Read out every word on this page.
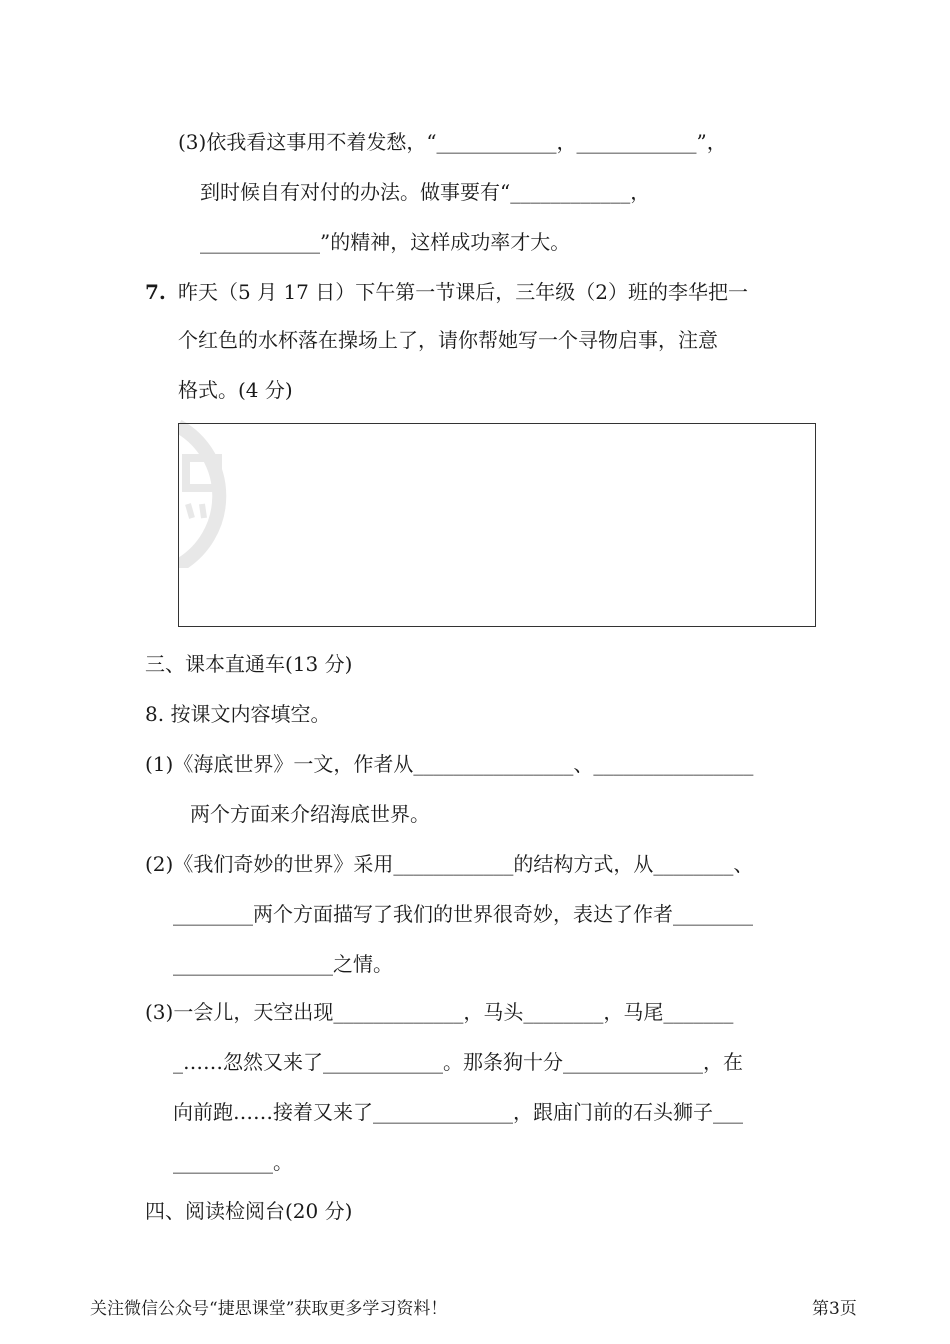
(3)依我看这事用不着发愁，“____________，____________”，
到时候自有对付的办法。做事要有“____________，
____________”的精神，这样成功率才大。
7. 昨天（5 月 17 日）下午第一节课后，三年级（2）班的李华把一
个红色的水杯落在操场上了，请你帮她写一个寻物启事，注意
格式。(4 分)
三、课本直通车(13 分)
8. 按课文内容填空。
(1)《海底世界》一文，作者从________________、________________
两个方面来介绍海底世界。
(2)《我们奇妙的世界》采用____________的结构方式，从________、
________两个方面描写了我们的世界很奇妙，表达了作者________
________________之情。
(3)一会儿，天空出现_____________，马头________，马尾_______
_……忽然又来了____________。那条狗十分______________，在
向前跑……接着又来了______________，跟庙门前的石头狮子___
__________。
四、阅读检阅台(20 分)
关注微信公众号“捷思课堂”获取更多学习资料！	第3页
